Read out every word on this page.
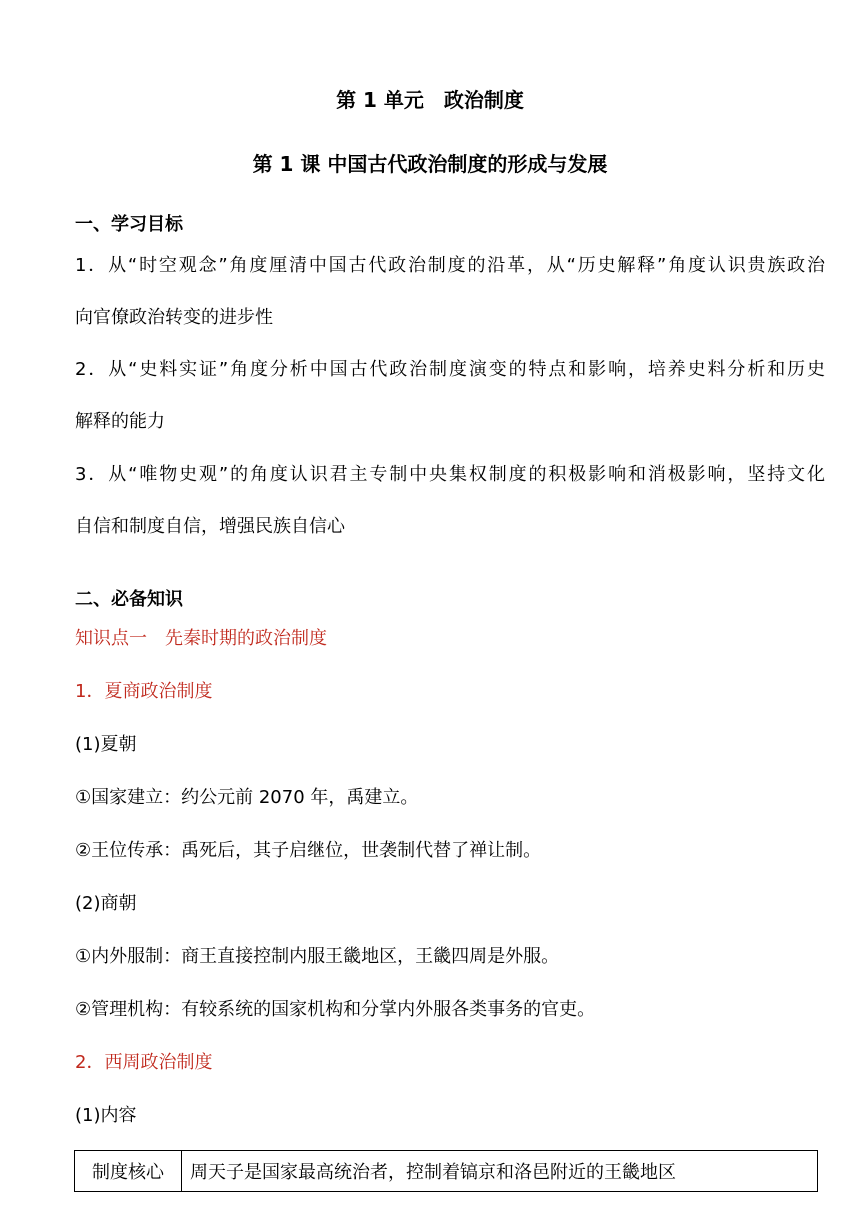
第 1 单元　政治制度
第 1 课 中国古代政治制度的形成与发展
一、学习目标
1．从“时空观念”角度厘清中国古代政治制度的沿革，从“历史解释”角度认识贵族政治
向官僚政治转变的进步性
2．从“史料实证”角度分析中国古代政治制度演变的特点和影响，培养史料分析和历史
解释的能力
3．从“唯物史观”的角度认识君主专制中央集权制度的积极影响和消极影响，坚持文化
自信和制度自信，增强民族自信心
二、必备知识
知识点一　先秦时期的政治制度
1．夏商政治制度
(1)夏朝
①国家建立：约公元前 2070 年，禹建立。
②王位传承：禹死后，其子启继位，世袭制代替了禅让制。
(2)商朝
①内外服制：商王直接控制内服王畿地区，王畿四周是外服。
②管理机构：有较系统的国家机构和分掌内外服各类事务的官吏。
2．西周政治制度
(1)内容
制度核心	周天子是国家最高统治者，控制着镐京和洛邑附近的王畿地区
